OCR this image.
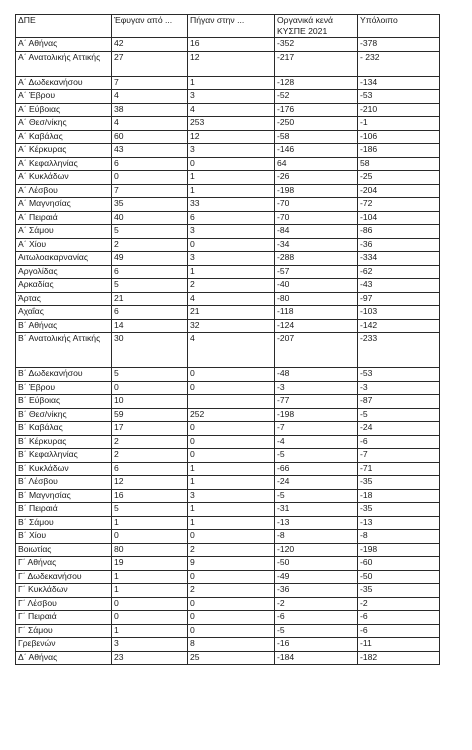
ΔΠΕ	Έφυγαν από ...	Πήγαν στην ...	Οργανικά κενά ΚΥΣΠΕ 2021	Υπόλοιπο
Α΄ Αθήνας	42	16	-352	-378
Α΄ Ανατολικής Αττικής	27	12	-217	- 232
Α΄ Δωδεκανήσου	7	1	-128	-134
Α΄ Έβρου	4	3	-52	-53
Α΄ Εύβοιας	38	4	-176	-210
Α΄ Θεσ/νίκης	4	253	-250	-1
Α΄ Καβάλας	60	12	-58	-106
Α΄ Κέρκυρας	43	3	-146	-186
Α΄ Κεφαλληνίας	6	0	64	58
Α΄ Κυκλάδων	0	1	-26	-25
Α΄ Λέσβου	7	1	-198	-204
Α΄ Μαγνησίας	35	33	-70	-72
Α΄ Πειραιά	40	6	-70	-104
Α΄ Σάμου	5	3	-84	-86
Α΄ Χίου	2	0	-34	-36
Αιτωλοακαρνανίας	49	3	-288	-334
Αργολίδας	6	1	-57	-62
Αρκαδίας	5	2	-40	-43
Άρτας	21	4	-80	-97
Αχαΐας	6	21	-118	-103
Β΄ Αθήνας	14	32	-124	-142
Β΄ Ανατολικής Αττικής	30	4	-207	-233
Β΄ Δωδεκανήσου	5	0	-48	-53
Β΄ Έβρου	0	0	-3	-3
Β΄ Εύβοιας	10		-77	-87
Β΄ Θεσ/νίκης	59	252	-198	-5
Β΄ Καβάλας	17	0	-7	-24
Β΄ Κέρκυρας	2	0	-4	-6
Β΄ Κεφαλληνίας	2	0	-5	-7
Β΄ Κυκλάδων	6	1	-66	-71
Β΄ Λέσβου	12	1	-24	-35
Β΄ Μαγνησίας	16	3	-5	-18
Β΄ Πειραιά	5	1	-31	-35
Β΄ Σάμου	1	1	-13	-13
Β΄ Χίου	0	0	-8	-8
Βοιωτίας	80	2	-120	-198
Γ΄ Αθήνας	19	9	-50	-60
Γ΄ Δωδεκανήσου	1	0	-49	-50
Γ΄ Κυκλάδων	1	2	-36	-35
Γ΄ Λέσβου	0	0	-2	-2
Γ΄ Πειραιά	0	0	-6	-6
Γ΄ Σάμου	1	0	-5	-6
Γρεβενών	3	8	-16	-11
Δ΄ Αθήνας	23	25	-184	-182
